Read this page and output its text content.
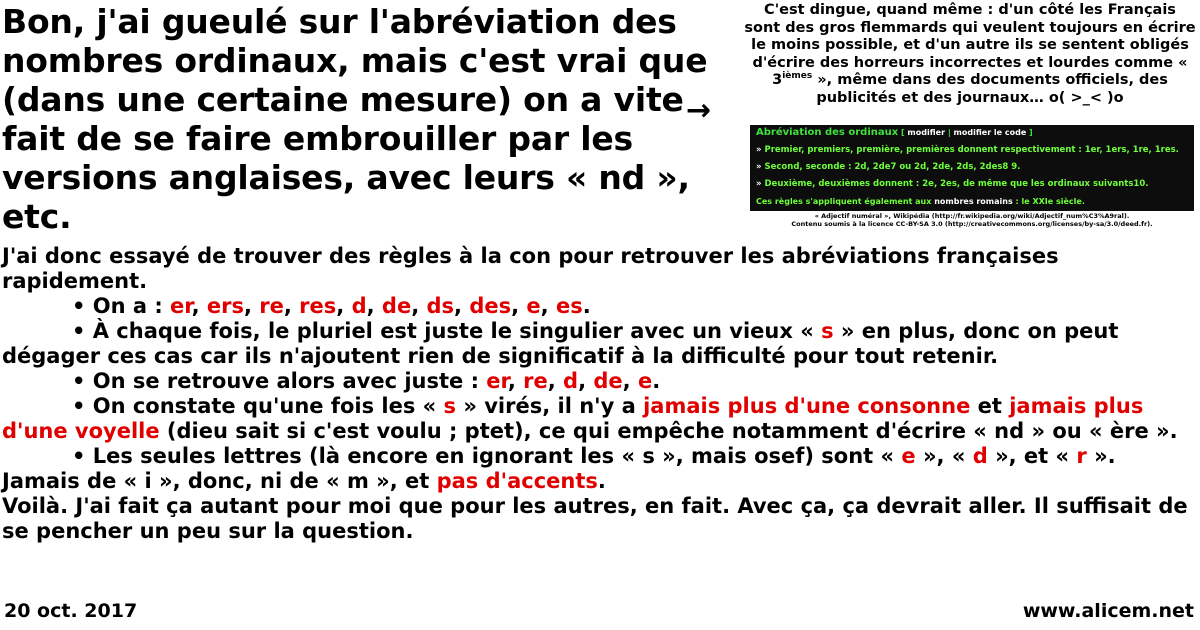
Bon, j'ai gueulé sur l'abréviation des nombres ordinaux, mais c'est vrai que (dans une certaine mesure) on a vite fait de se faire embrouiller par les versions anglaises, avec leurs « nd », etc.
→
C'est dingue, quand même : d'un côté les Français sont des gros flemmards qui veulent toujours en écrire le moins possible, et d'un autre ils se sentent obligés d'écrire des horreurs incorrectes et lourdes comme « $3^{ièmes}$ », même dans des documents officiels, des publicités et des journaux… o( >_< )o
Abréviation des ordinaux [ modifier | modifier le code ]
» Premier, premiers, première, premières donnent respectivement : 1er, 1ers, 1re, 1res.
» Second, seconde : 2d, 2de7 ou 2d, 2de, 2ds, 2des8 9.
» Deuxième, deuxièmes donnent : 2e, 2es, de même que les ordinaux suivants10.
Ces règles s'appliquent également aux nombres romains : le XXIe siècle.
« Adjectif numéral », Wikipédia (http://fr.wikipedia.org/wiki/Adjectif_num%C3%A9ral).
Contenu soumis à la licence CC-BY-SA 3.0 (http://creativecommons.org/licenses/by-sa/3.0/deed.fr).

J'ai donc essayé de trouver des règles à la con pour retrouver les abréviations françaises rapidement.

• On a : er, ers, re, res, d, de, ds, des, e, es.

• À chaque fois, le pluriel est juste le singulier avec un vieux « s » en plus, donc on peut dégager ces cas car ils n'ajoutent rien de significatif à la difficulté pour tout retenir.

• On se retrouve alors avec juste : er, re, d, de, e.

• On constate qu'une fois les « s » virés, il n'y a jamais plus d'une consonne et jamais plus d'une voyelle (dieu sait si c'est voulu ; ptet), ce qui empêche notamment d'écrire « nd » ou « ère ».

• Les seules lettres (là encore en ignorant les « s », mais osef) sont « e », « d », et « r ». Jamais de « i », donc, ni de « m », et pas d'accents.

Voilà. J'ai fait ça autant pour moi que pour les autres, en fait. Avec ça, ça devrait aller. Il suffisait de se pencher un peu sur la question.

20 oct. 2017	www.alicem.net
